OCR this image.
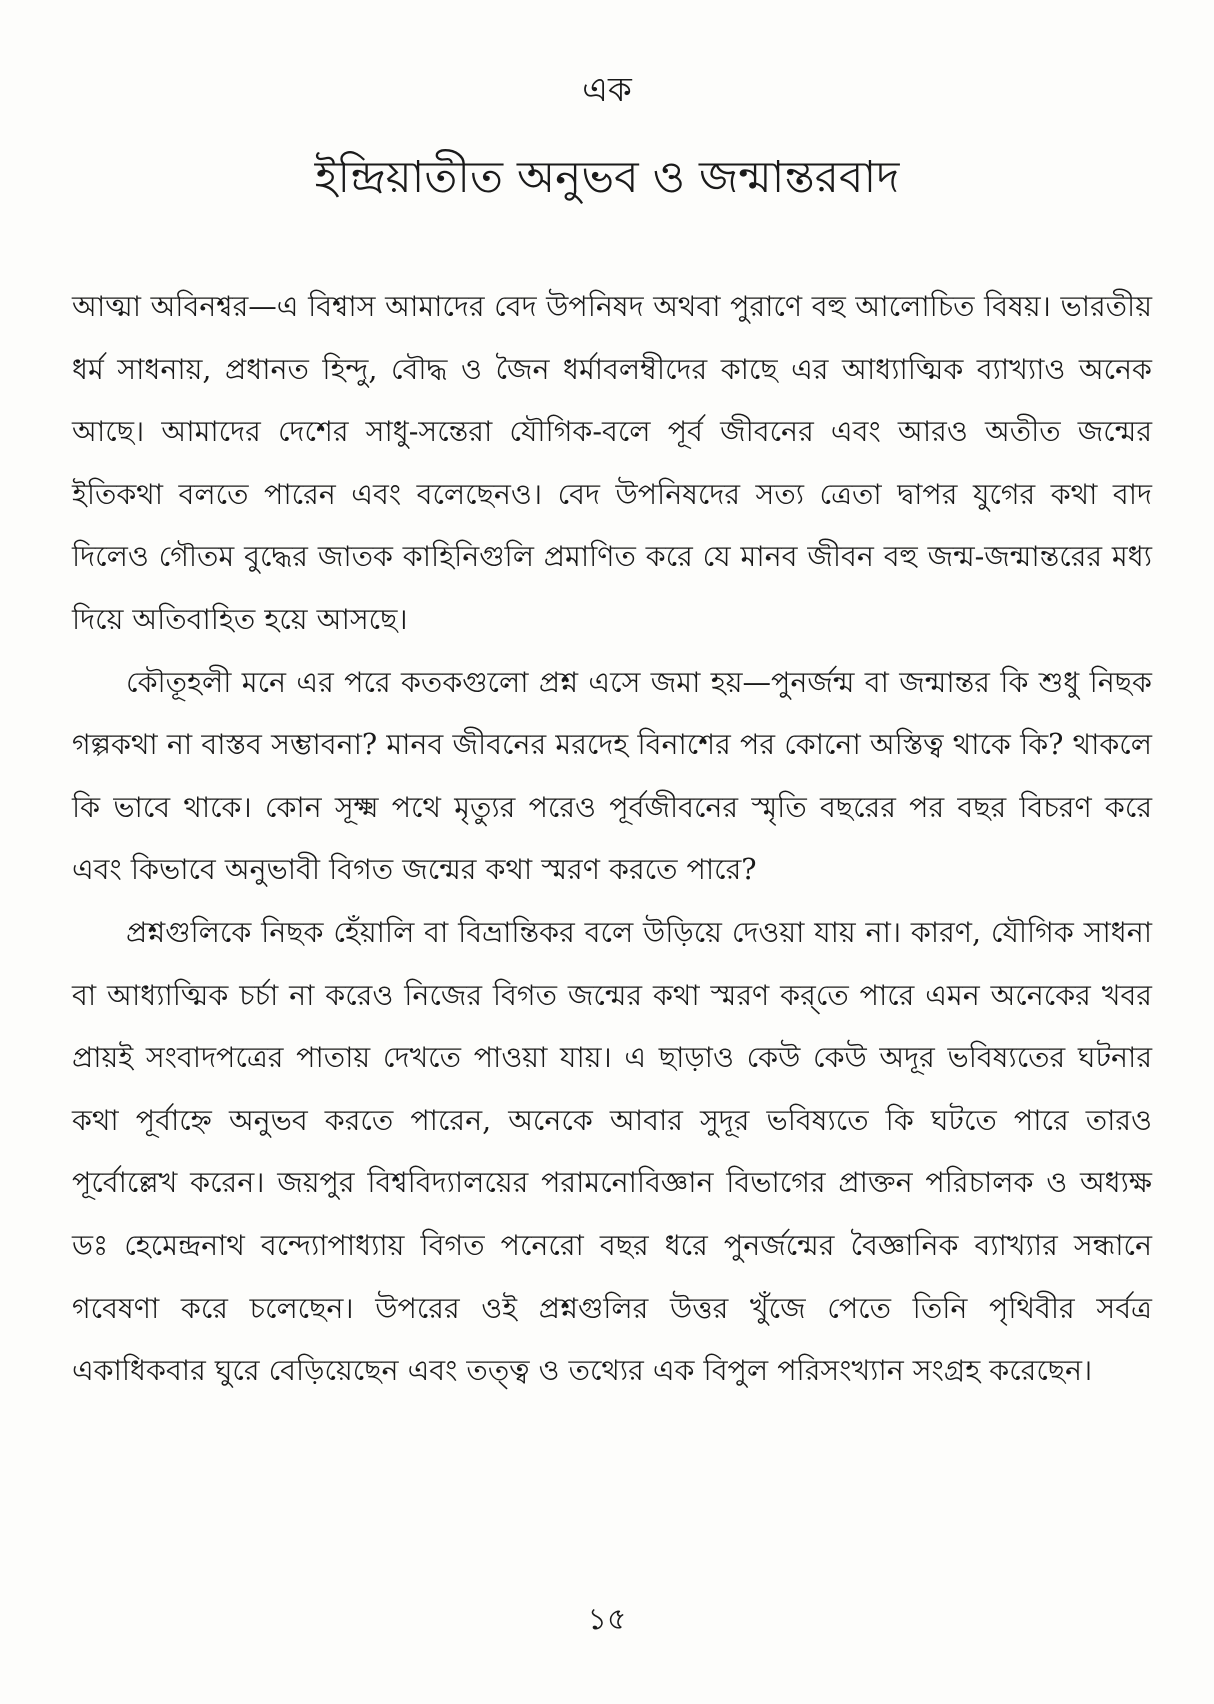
এক
ইন্দ্রিয়াতীত অনুভব ও জন্মান্তরবাদ

আত্মা অবিনশ্বর—এ বিশ্বাস আমাদের বেদ উপনিষদ অথবা পুরাণে বহু আলোচিত বিষয়। ভারতীয় ধর্ম সাধনায়, প্রধানত হিন্দু, বৌদ্ধ ও জৈন ধর্মাবলম্বীদের কাছে এর আধ্যাত্মিক ব্যাখ্যাও অনেক আছে। আমাদের দেশের সাধু-সন্তেরা যৌগিক-বলে পূর্ব জীবনের এবং আরও অতীত জন্মের ইতিকথা বলতে পারেন এবং বলেছেনও। বেদ উপনিষদের সত্য ত্রেতা দ্বাপর যুগের কথা বাদ দিলেও গৌতম বুদ্ধের জাতক কাহিনিগুলি প্রমাণিত করে যে মানব জীবন বহু জন্ম-জন্মান্তরের মধ্য দিয়ে অতিবাহিত হয়ে আসছে।

কৌতূহলী মনে এর পরে কতকগুলো প্রশ্ন এসে জমা হয়—পুনর্জন্ম বা জন্মান্তর কি শুধু নিছক গল্পকথা না বাস্তব সম্ভাবনা? মানব জীবনের মরদেহ বিনাশের পর কোনো অস্তিত্ব থাকে কি? থাকলে কি ভাবে থাকে। কোন সূক্ষ্ম পথে মৃত্যুর পরেও পূর্বজীবনের স্মৃতি বছরের পর বছর বিচরণ করে এবং কিভাবে অনুভাবী বিগত জন্মের কথা স্মরণ করতে পারে?

প্রশ্নগুলিকে নিছক হেঁয়ালি বা বিভ্রান্তিকর বলে উড়িয়ে দেওয়া যায় না। কারণ, যৌগিক সাধনা বা আধ্যাত্মিক চর্চা না করেও নিজের বিগত জন্মের কথা স্মরণ কর্‌তে পারে এমন অনেকের খবর প্রায়ই সংবাদপত্রের পাতায় দেখতে পাওয়া যায়। এ ছাড়াও কেউ কেউ অদূর ভবিষ্যতের ঘটনার কথা পূর্বাহ্নে অনুভব করতে পারেন, অনেকে আবার সুদূর ভবিষ্যতে কি ঘটতে পারে তারও পূর্বোল্লেখ করেন। জয়পুর বিশ্ববিদ্যালয়ের পরামনোবিজ্ঞান বিভাগের প্রাক্তন পরিচালক ও অধ্যক্ষ ডঃ হেমেন্দ্রনাথ বন্দ্যোপাধ্যায় বিগত পনেরো বছর ধরে পুনর্জন্মের বৈজ্ঞানিক ব্যাখ্যার সন্ধানে গবেষণা করে চলেছেন। উপরের ওই প্রশ্নগুলির উত্তর খুঁজে পেতে তিনি পৃথিবীর সর্বত্র একাধিকবার ঘুরে বেড়িয়েছেন এবং তত্ত্ব ও তথ্যের এক বিপুল পরিসংখ্যান সংগ্রহ করেছেন।

১৫
